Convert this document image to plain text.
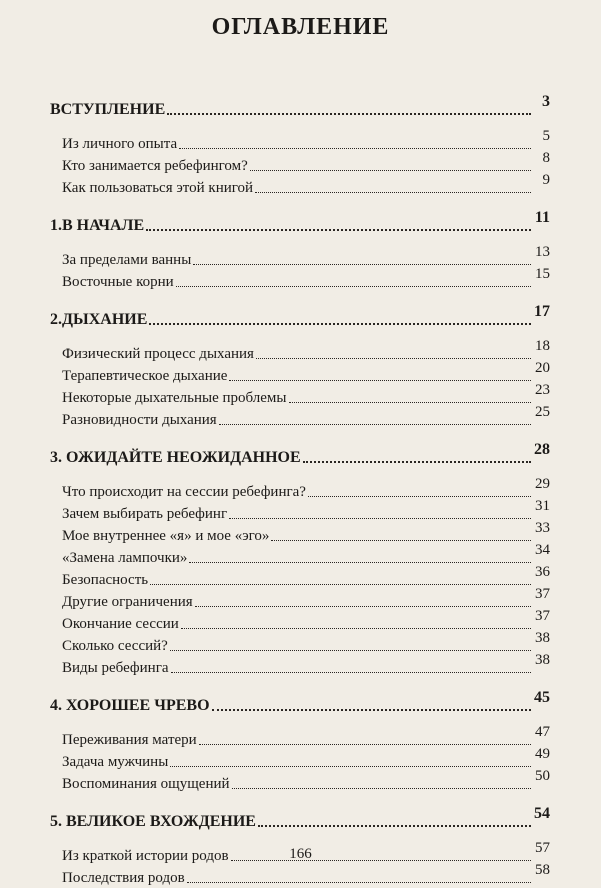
ОГЛАВЛЕНИЕ
ВСТУПЛЕНИЕ	3
Из личного опыта	5
Кто занимается ребефингом?	8
Как пользоваться этой книгой	9
1.В НАЧАЛЕ	11
За пределами ванны	13
Восточные корни	15
2.ДЫХАНИЕ	17
Физический процесс дыхания	18
Терапевтическое дыхание	20
Некоторые дыхательные проблемы	23
Разновидности дыхания	25
3. ОЖИДАЙТЕ НЕОЖИДАННОЕ	28
Что происходит на сессии ребефинга?	29
Зачем выбирать ребефинг	31
Мое внутреннее «я» и мое «эго»	33
«Замена лампочки»	34
Безопасность	36
Другие ограничения	37
Окончание сессии	37
Сколько сессий?	38
Виды ребефинга	38
4. ХОРОШЕЕ ЧРЕВО	45
Переживания матери	47
Задача мужчины	49
Воспоминания ощущений	50
5. ВЕЛИКОЕ ВХОЖДЕНИЕ	54
Из краткой истории родов	57
Последствия родов	58
166
